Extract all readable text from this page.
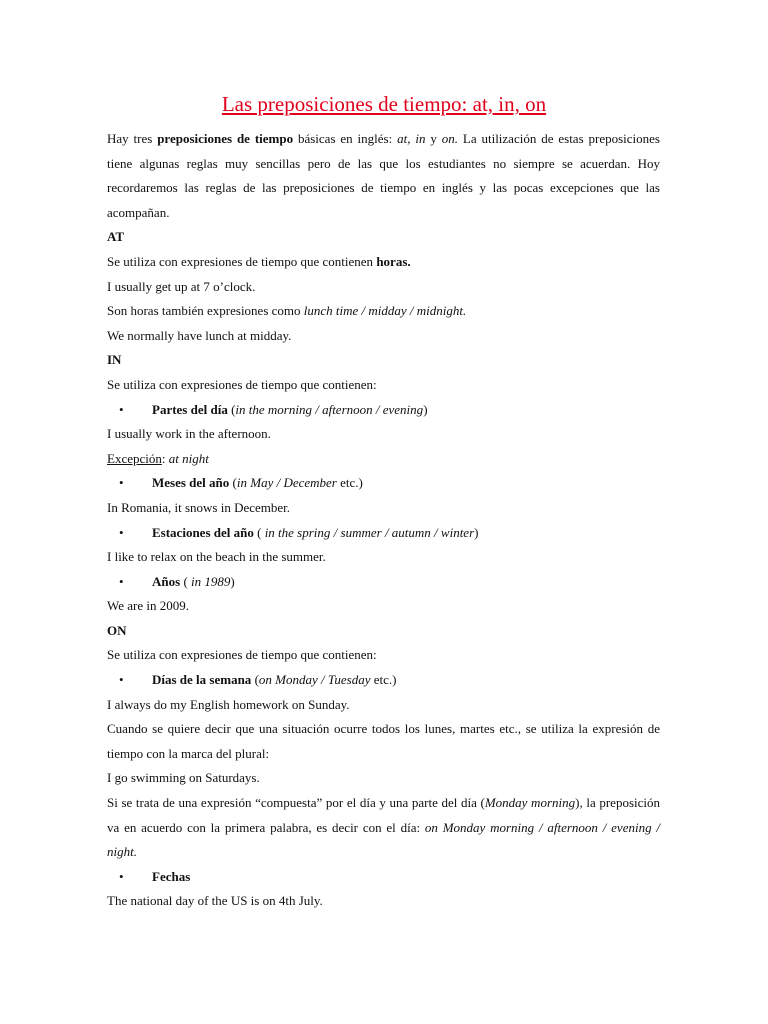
Las preposiciones de tiempo: at, in, on

Hay tres preposiciones de tiempo básicas en inglés: at, in y on. La utilización de estas preposiciones tiene algunas reglas muy sencillas pero de las que los estudiantes no siempre se acuerdan. Hoy recordaremos las reglas de las preposiciones de tiempo en inglés y las pocas excepciones que las acompañan.

AT

Se utiliza con expresiones de tiempo que contienen horas.

I usually get up at 7 o’clock.

Son horas también expresiones como lunch time / midday / midnight.

We normally have lunch at midday.

IN

Se utiliza con expresiones de tiempo que contienen:

• Partes del día (in the morning / afternoon / evening)

I usually work in the afternoon.

Excepción: at night

• Meses del año (in May / December etc.)

In Romania, it snows in December.

• Estaciones del año ( in the spring / summer / autumn / winter)

I like to relax on the beach in the summer.

• Años ( in 1989)

We are in 2009.

ON

Se utiliza con expresiones de tiempo que contienen:

• Días de la semana (on Monday / Tuesday etc.)

I always do my English homework on Sunday.

Cuando se quiere decir que una situación ocurre todos los lunes, martes etc., se utiliza la expresión de tiempo con la marca del plural:

I go swimming on Saturdays.

Si se trata de una expresión “compuesta” por el día y una parte del día (Monday morning), la preposición va en acuerdo con la primera palabra, es decir con el día: on Monday morning / afternoon / evening / night.

• Fechas

The national day of the US is on 4th July.
